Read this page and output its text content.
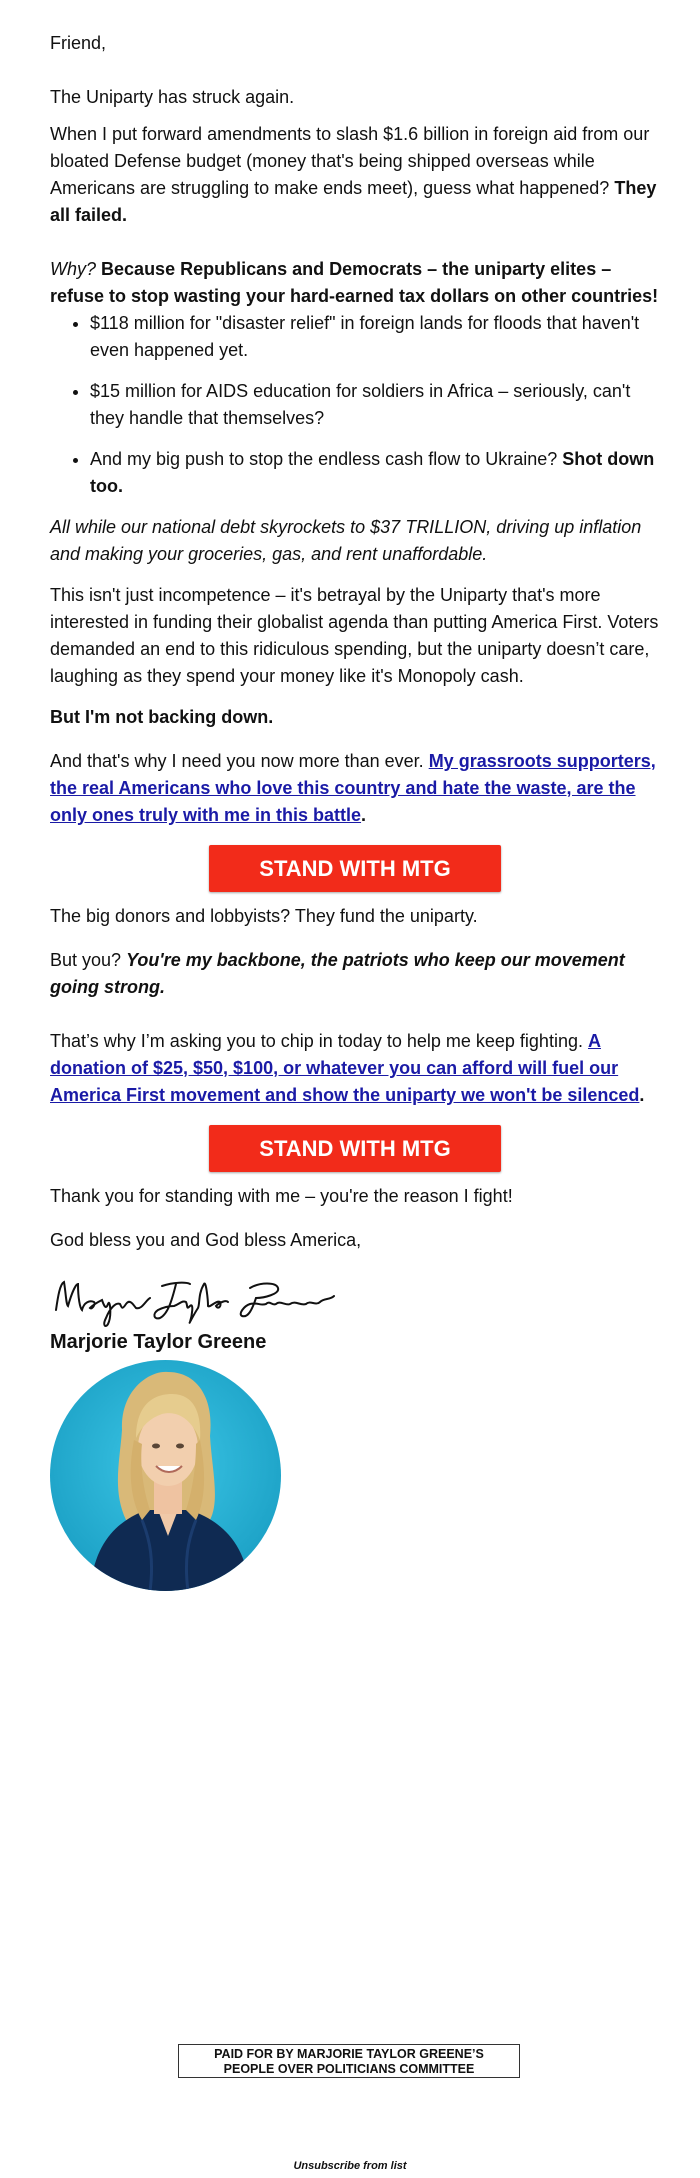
Friend,

The Uniparty has struck again.

When I put forward amendments to slash $1.6 billion in foreign aid from our bloated Defense budget (money that's being shipped overseas while Americans are struggling to make ends meet), guess what happened? They all failed.

Why? Because Republicans and Democrats – the uniparty elites – refuse to stop wasting your hard-earned tax dollars on other countries!

• $118 million for "disaster relief" in foreign lands for floods that haven't even happened yet.
• $15 million for AIDS education for soldiers in Africa – seriously, can't they handle that themselves?
• And my big push to stop the endless cash flow to Ukraine? Shot down too.

All while our national debt skyrockets to $37 TRILLION, driving up inflation and making your groceries, gas, and rent unaffordable.

This isn't just incompetence – it's betrayal by the Uniparty that's more interested in funding their globalist agenda than putting America First. Voters demanded an end to this ridiculous spending, but the uniparty doesn’t care, laughing as they spend your money like it's Monopoly cash.

But I'm not backing down.

And that's why I need you now more than ever. My grassroots supporters, the real Americans who love this country and hate the waste, are the only ones truly with me in this battle.

STAND WITH MTG

The big donors and lobbyists? They fund the uniparty.

But you? You're my backbone, the patriots who keep our movement going strong.

That’s why I’m asking you to chip in today to help me keep fighting. A donation of $25, $50, $100, or whatever you can afford will fuel our America First movement and show the uniparty we won't be silenced.

STAND WITH MTG

Thank you for standing with me – you're the reason I fight!

God bless you and God bless America,

Marjorie Taylor Greene

PAID FOR BY MARJORIE TAYLOR GREENE’S
PEOPLE OVER POLITICIANS COMMITTEE
Unsubscribe from list
